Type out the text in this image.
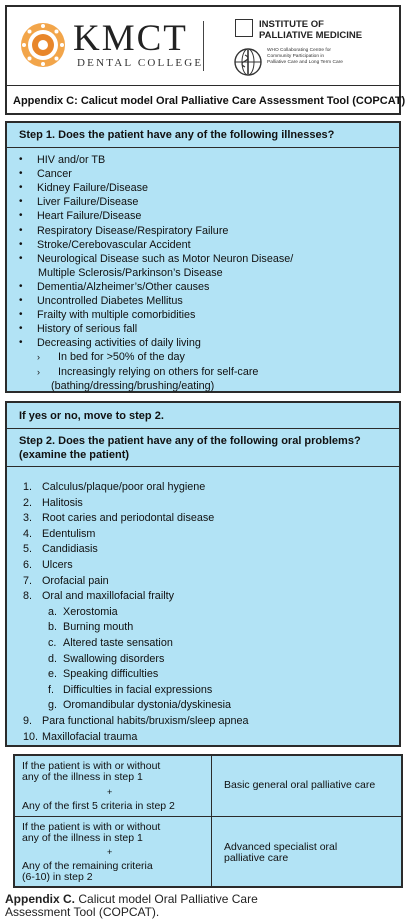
KMCT
DENTAL COLLEGE
INSTITUTE OF
PALLIATIVE MEDICINE
WHO Collaborating Centre for
Community Participation in
Palliative Care and Long Term Care
Appendix C: Calicut model Oral Palliative Care Assessment Tool (COPCAT)
Step 1. Does the patient have any of the following illnesses?
• HIV and/or TB
• Cancer
• Kidney Failure/Disease
• Liver Failure/Disease
• Heart Failure/Disease
• Respiratory Disease/Respiratory Failure
• Stroke/Cerebovascular Accident
• Neurological Disease such as Motor Neuron Disease/
Multiple Sclerosis/Parkinson’s Disease
• Dementia/Alzheimer’s/Other causes
• Uncontrolled Diabetes Mellitus
• Frailty with multiple comorbidities
• History of serious fall
• Decreasing activities of daily living
› In bed for >50% of the day
› Increasingly relying on others for self-care
(bathing/dressing/brushing/eating)
If yes or no, move to step 2.
Step 2. Does the patient have any of the following oral problems?
(examine the patient)
1. Calculus/plaque/poor oral hygiene
2. Halitosis
3. Root caries and periodontal disease
4. Edentulism
5. Candidiasis
6. Ulcers
7. Orofacial pain
8. Oral and maxillofacial frailty
a. Xerostomia
b. Burning mouth
c. Altered taste sensation
d. Swallowing disorders
e. Speaking difficulties
f. Difficulties in facial expressions
g. Oromandibular dystonia/dyskinesia
9. Para functional habits/bruxism/sleep apnea
10. Maxillofacial trauma
If the patient is with or without
any of the illness in step 1
+
Any of the first 5 criteria in step 2
Basic general oral palliative care
If the patient is with or without
any of the illness in step 1
+
Any of the remaining criteria
(6-10) in step 2
Advanced specialist oral
palliative care
Appendix C. Calicut model Oral Palliative Care
Assessment Tool (COPCAT).
